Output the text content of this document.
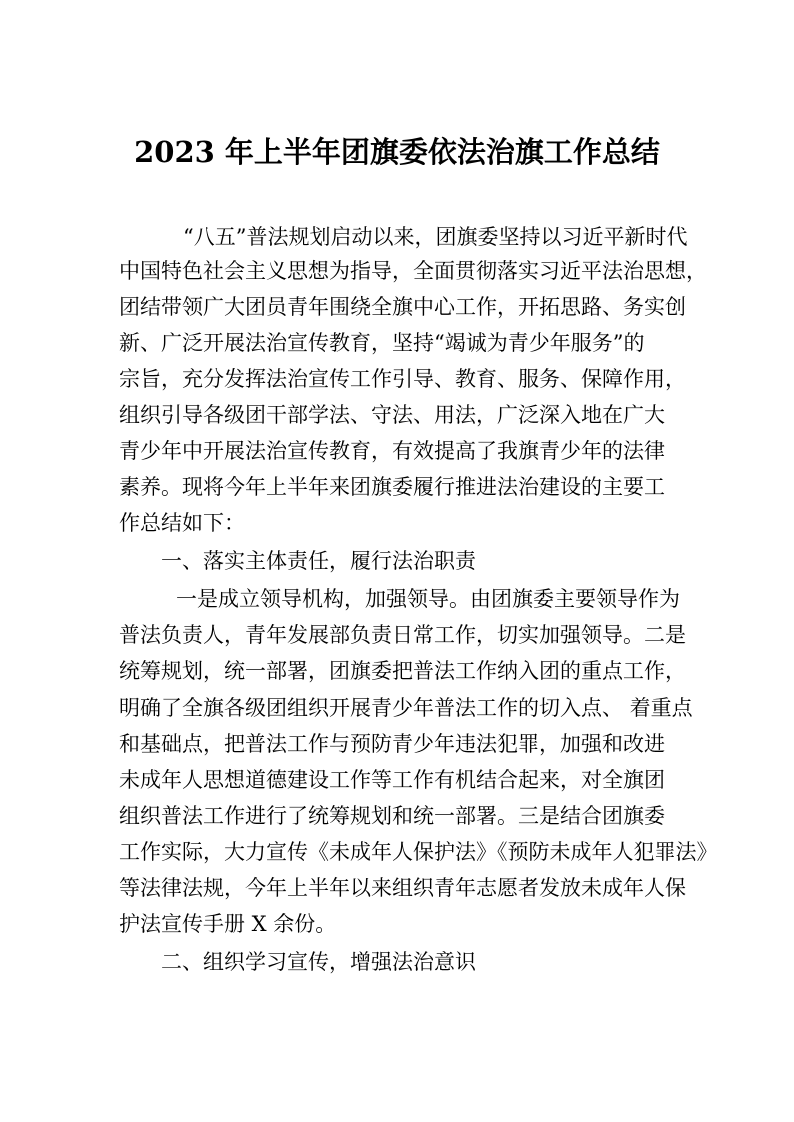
2023 年上半年团旗委依法治旗工作总结
“八五”普法规划启动以来，团旗委坚持以习近平新时代
中国特色社会主义思想为指导，全面贯彻落实习近平法治思想，
团结带领广大团员青年围绕全旗中心工作，开拓思路、务实创
新、广泛开展法治宣传教育，坚持“竭诚为青少年服务”的
宗旨，充分发挥法治宣传工作引导、教育、服务、保障作用，
组织引导各级团干部学法、守法、用法，广泛深入地在广大
青少年中开展法治宣传教育，有效提高了我旗青少年的法律
素养。现将今年上半年来团旗委履行推进法治建设的主要工
作总结如下：
一、落实主体责任，履行法治职责
一是成立领导机构，加强领导。由团旗委主要领导作为
普法负责人，青年发展部负责日常工作，切实加强领导。二是
统筹规划，统一部署，团旗委把普法工作纳入团的重点工作，
明确了全旗各级团组织开展青少年普法工作的切入点、 着重点
和基础点，把普法工作与预防青少年违法犯罪，加强和改进
未成年人思想道德建设工作等工作有机结合起来，对全旗团
组织普法工作进行了统筹规划和统一部署。三是结合团旗委
工作实际，大力宣传《未成年人保护法》《预防未成年人犯罪法》
等法律法规，今年上半年以来组织青年志愿者发放未成年人保
护法宣传手册 X 余份。
二、组织学习宣传，增强法治意识
